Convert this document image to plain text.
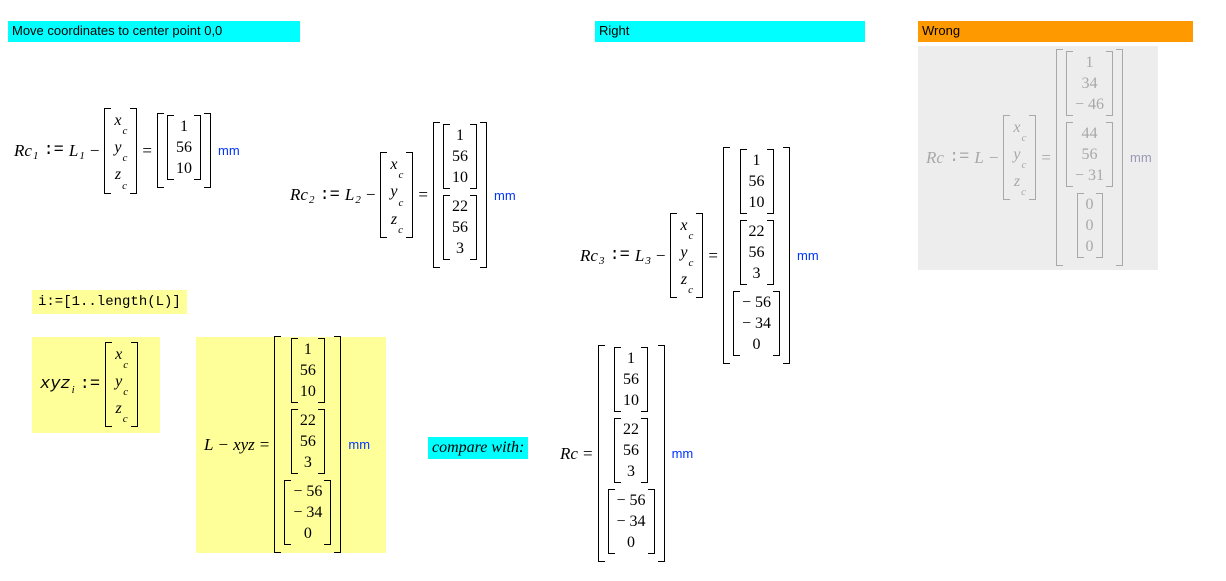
Move coordinates to center point 0,0	Right	Wrong
Rc 1 := L 1 −
$x_c$
$y_c$
$z_c$
=
1
56
10
mm
Rc 2 := L 2 −
$x_c$
$y_c$
$z_c$
=
1
56
10
22
56
3
mm
Rc 3 := L 3 −
$x_c$
$y_c$
$z_c$
=
1
56
10
22
56
3
− 56
− 34
0
mm
Rc := L −
$x_c$
$y_c$
$z_c$
=
1
34
− 46
44
56
− 31
0
0
0
mm
i:=[1..length(L)]
xyz i :=
$x_c$
$y_c$
$z_c$
L − xyz =
1
56
10
22
56
3
− 56
− 34
0
mm	compare with: Rc =
1
56
10
22
56
3
− 56
− 34
0
mm
